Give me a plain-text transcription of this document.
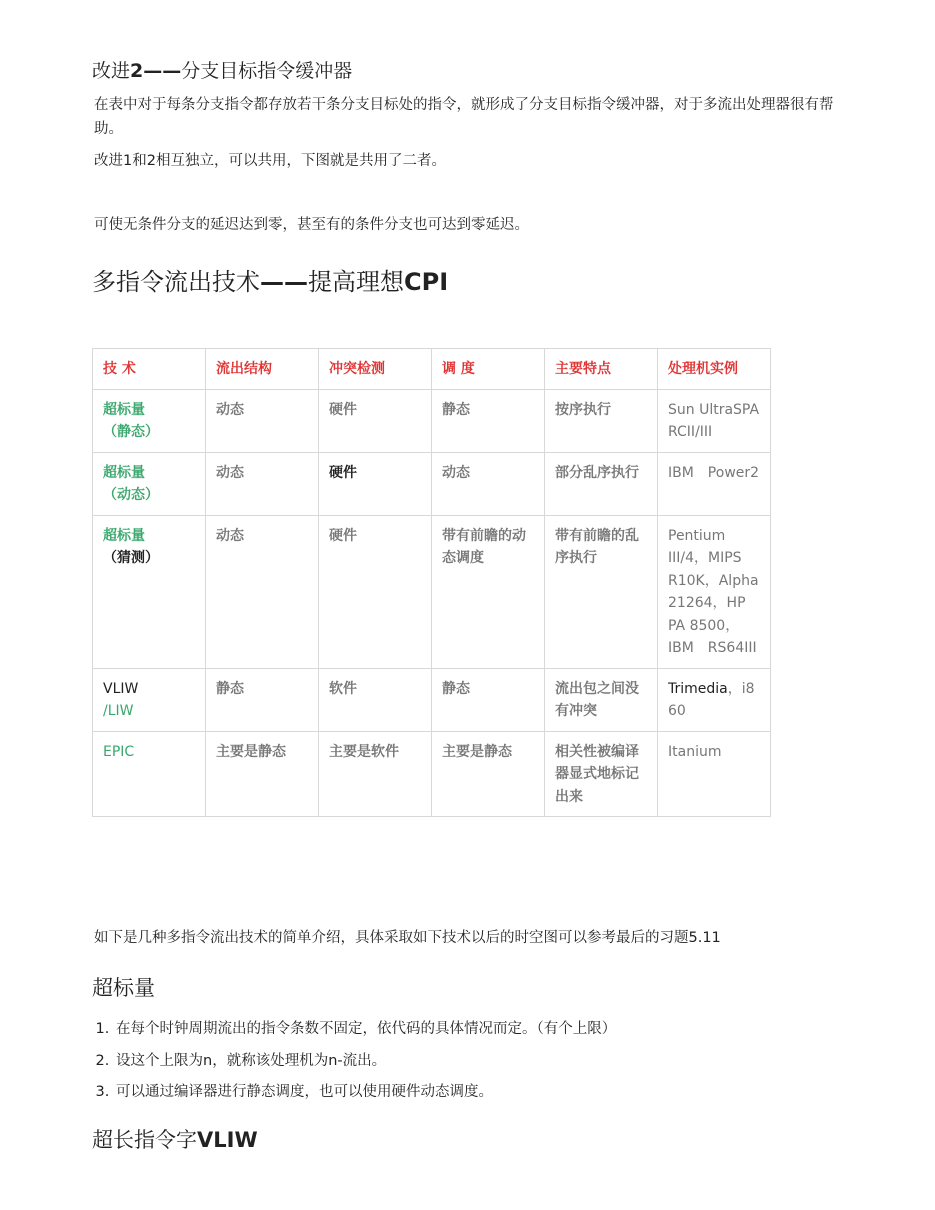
改进2——分支目标指令缓冲器
在表中对于每条分支指令都存放若干条分支目标处的指令，就形成了分支目标指令缓冲器，对于多流出处理器很有帮助。
改进1和2相互独立，可以共用，下图就是共用了二者。
可使无条件分支的延迟达到零，甚至有的条件分支也可达到零延迟。
多指令流出技术——提高理想CPI
技 术	流出结构	冲突检测	调 度	主要特点	处理机实例
超标量
（静态）	动态	硬件	静态	按序执行	Sun UltraSPARCII/III
超标量
（动态）	动态	硬件	动态	部分乱序执行	IBM　Power2
超标量
（猜测）	动态	硬件	带有前瞻的动态调度	带有前瞻的乱序执行	Pentium III/4，MIPS R10K，Alpha 21264，HP　PA 8500，IBM　RS64III
VLIW
/LIW	静态	软件	静态	流出包之间没有冲突	Trimedia，i860
EPIC	主要是静态	主要是软件	主要是静态	相关性被编译器显式地标记出来	Itanium
如下是几种多指令流出技术的简单介绍，具体采取如下技术以后的时空图可以参考最后的习题5.11
超标量
1. 在每个时钟周期流出的指令条数不固定，依代码的具体情况而定。（有个上限）
2. 设这个上限为n，就称该处理机为n-流出。
3. 可以通过编译器进行静态调度，也可以使用硬件动态调度。
超长指令字VLIW
